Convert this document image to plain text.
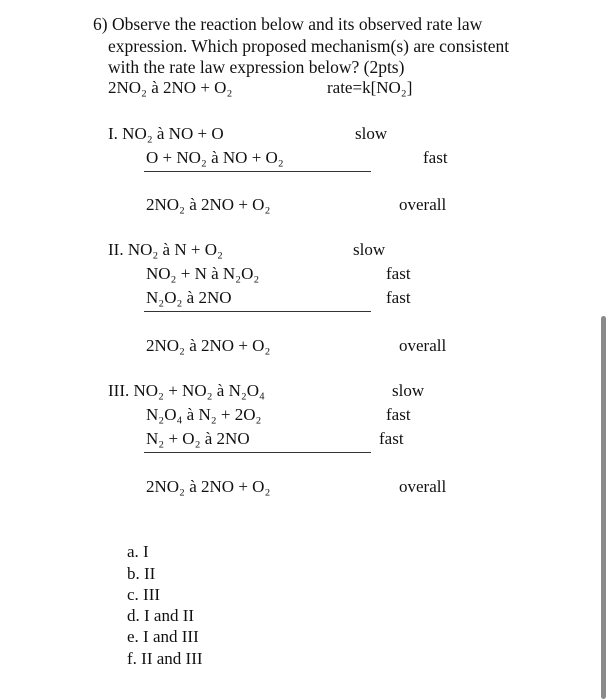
6) Observe the reaction below and its observed rate law
expression. Which proposed mechanism(s) are consistent
with the rate law expression below? (2pts)
2NO₂ à 2NO + O₂	rate=k[NO₂]
I. NO₂ à NO + O	slow
O + NO₂ à NO + O₂	fast
2NO₂ à 2NO + O₂	overall
II. NO₂ à N + O₂	slow
NO₂ + N à N₂O₂	fast
N₂O₂ à 2NO	fast
2NO₂ à 2NO + O₂	overall
III. NO₂ + NO₂ à N₂O₄	slow
N₂O₄ à N₂ + 2O₂	fast
N₂ + O₂ à 2NO	fast
2NO₂ à 2NO + O₂	overall
a. I
b. II
c. III
d. I and II
e. I and III
f. II and III
